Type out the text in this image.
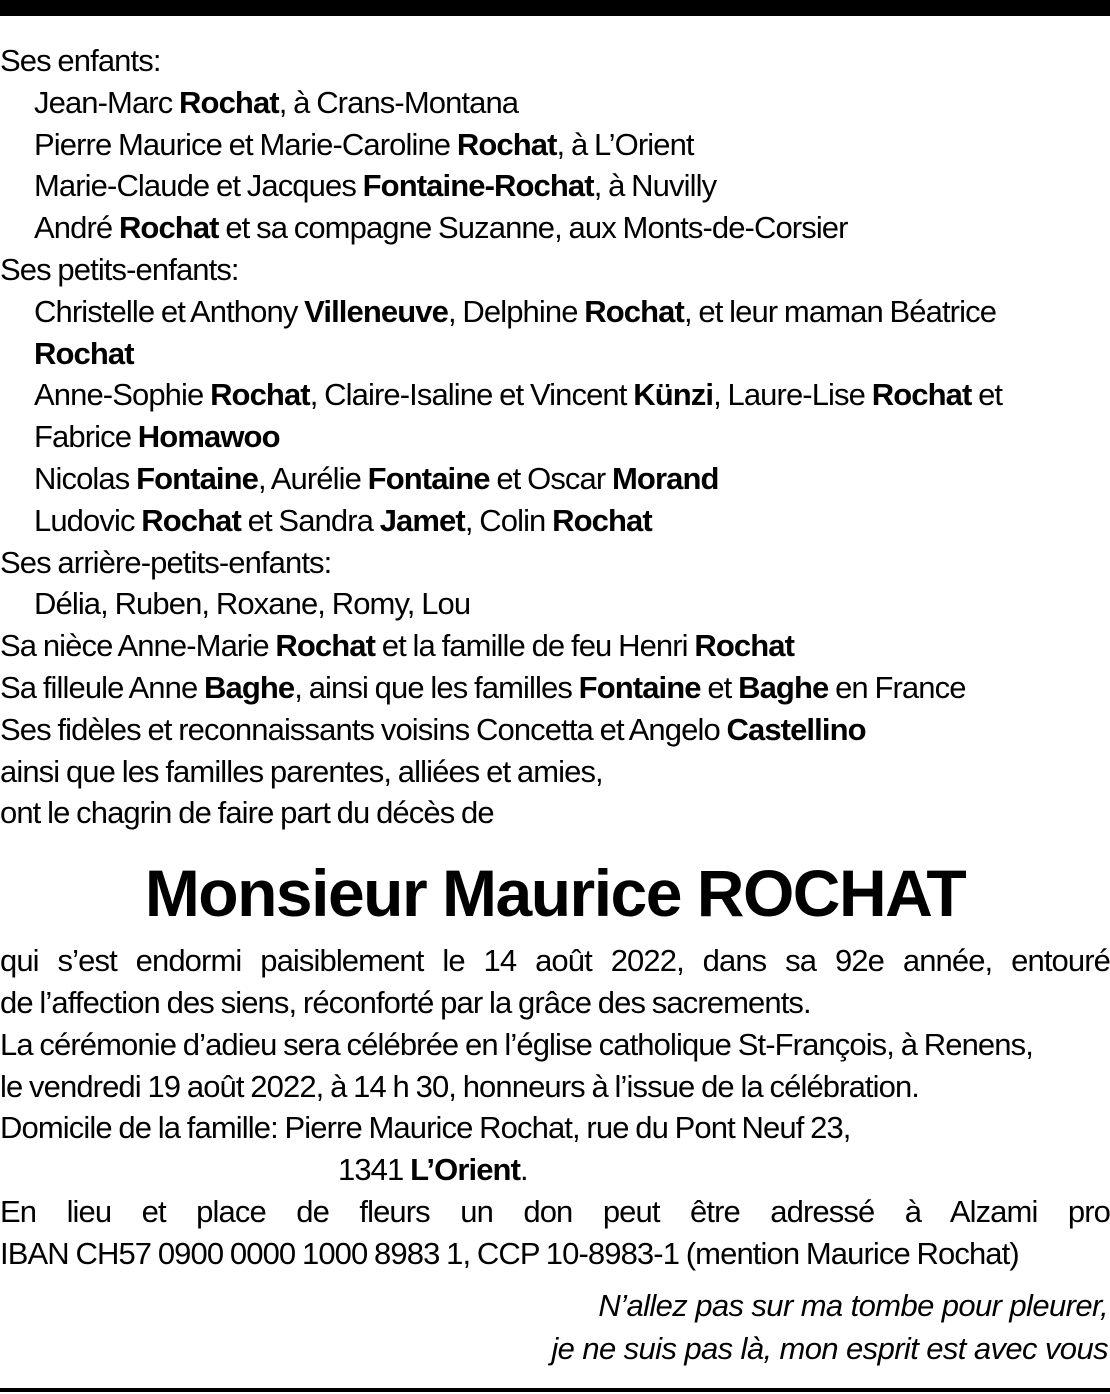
Ses enfants:
Jean-Marc Rochat, à Crans-Montana
Pierre Maurice et Marie-Caroline Rochat, à L’Orient
Marie-Claude et Jacques Fontaine-Rochat, à Nuvilly
André Rochat et sa compagne Suzanne, aux Monts-de-Corsier
Ses petits-enfants:
Christelle et Anthony Villeneuve, Delphine Rochat, et leur maman Béatrice
Rochat
Anne-Sophie Rochat, Claire-Isaline et Vincent Künzi, Laure-Lise Rochat et
Fabrice Homawoo
Nicolas Fontaine, Aurélie Fontaine et Oscar Morand
Ludovic Rochat et Sandra Jamet, Colin Rochat
Ses arrière-petits-enfants:
Délia, Ruben, Roxane, Romy, Lou
Sa nièce Anne-Marie Rochat et la famille de feu Henri Rochat
Sa filleule Anne Baghe, ainsi que les familles Fontaine et Baghe en France
Ses fidèles et reconnaissants voisins Concetta et Angelo Castellino
ainsi que les familles parentes, alliées et amies,
ont le chagrin de faire part du décès de
Monsieur Maurice ROCHAT
qui s’est endormi paisiblement le 14 août 2022, dans sa 92e année, entouré
de l’affection des siens, réconforté par la grâce des sacrements.
La cérémonie d’adieu sera célébrée en l’église catholique St-François, à Renens,
le vendredi 19 août 2022, à 14 h 30, honneurs à l’issue de la célébration.
Domicile de la famille: Pierre Maurice Rochat, rue du Pont Neuf 23,
1341 L’Orient.
En lieu et place de fleurs un don peut être adressé à Alzami pro
IBAN CH57 0900 0000 1000 8983 1, CCP 10-8983-1 (mention Maurice Rochat)
N’allez pas sur ma tombe pour pleurer,
je ne suis pas là, mon esprit est avec vous
